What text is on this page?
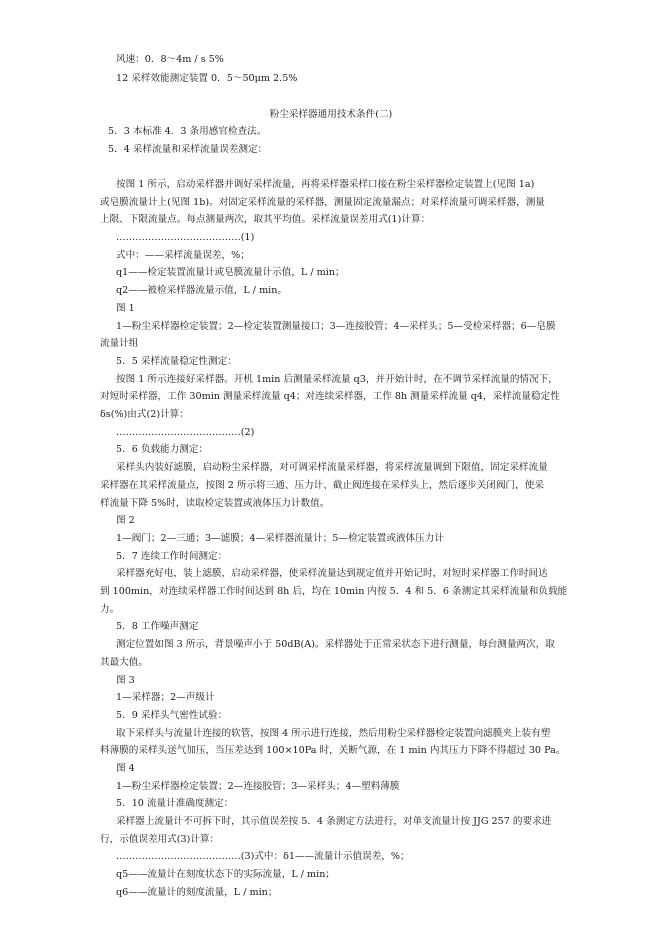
风速：0．8～4m / s 5%
12 采样效能测定装置 0．5～50μm 2.5%
粉尘采样器通用技术条件(二)
5．3 本标准 4．3 条用感官检查法。
5．4 采样流量和采样流量误差测定：
按图 1 所示，启动采样器并调好采样流量，再将采样器采样口接在粉尘采样器检定装置上(见图 1a)
或皂膜流量计上(见图 1b)。对固定采样流量的采样器，测量固定流量漏点；对采样流量可调采样器，测量
上限、下限流量点。每点测量两次，取其平均值。采样流量误差用式(1)计算：
…………………………………(1)
式中：——采样流量误差，%；
q1——检定装置流量计或皂膜流量计示值，L / min；
q2——被检采样器流量示值，L / min。
图 1
1—粉尘采样器检定装置；2—检定装置测量接口；3—连接胶管；4—采样头；5—受检采样器；6—皂膜
流量计组
5．5 采样流量稳定性测定：
按图 1 所示连接好采样器。开机 1min 后测量采样流量 q3，并开始计时，在不调节采样流量的情况下，
对短时采样器，工作 30min 测量采样流量 q4；对连续采样器，工作 8h 测量采样流量 q4，采样流量稳定性
δs(%)由式(2)计算：
…………………………………(2)
5．6 负载能力测定：
采样头内装好滤膜，启动粉尘采样器，对可调采样流量采样器，将采样流量调到下限值，固定采样流量
采样器在其采样流量点，按图 2 所示将三通、压力计、截止阀连接在采样头上，然后逐步关闭阀门，使采
样流量下降 5%时，读取检定装置或液体压力计数值。
图 2
1—阀门；2—三通；3—滤膜；4—采样器流量计；5—检定装置或液体压力计
5．7 连续工作时间测定：
采样器充好电，装上滤膜，启动采样器，使采样流量达到规定值并开始记时，对短时采样器工作时间达
到 100min，对连续采样器工作时间达到 8h 后，均在 10min 内按 5．4 和 5．6 条测定其采样流量和负载能
力。
5．8 工作噪声测定
测定位置如图 3 所示，背景噪声小于 50dB(A)。采样器处于正常采状态下进行测量，每台测量两次，取
其最大值。
图 3
1—采样器；2—声级计
5．9 采样头气密性试验：
取下采样头与流量计连接的软管，按图 4 所示进行连接，然后用粉尘采样器检定装置向滤膜夹上装有塑
料薄膜的采样头送气加压，当压差达到 100×10Pa 时，关断气源，在 1 min 内其压力下降不得超过 30 Pa。
图 4
1—粉尘采样器检定装置；2—连接胶管；3—采样头；4—塑料薄膜
5．10 流量计准确度测定：
采样器上流量计不可拆下时，其示值误差按 5．4 条测定方法进行，对单支流量计按 JJG 257 的要求进
行，示值误差用式(3)计算：
…………………………………(3)式中：δ1——流量计示值误差，%；
q5——流量计在刻度状态下的实际流量，L / min；
q6——流量计的刻度流量，L / min；
